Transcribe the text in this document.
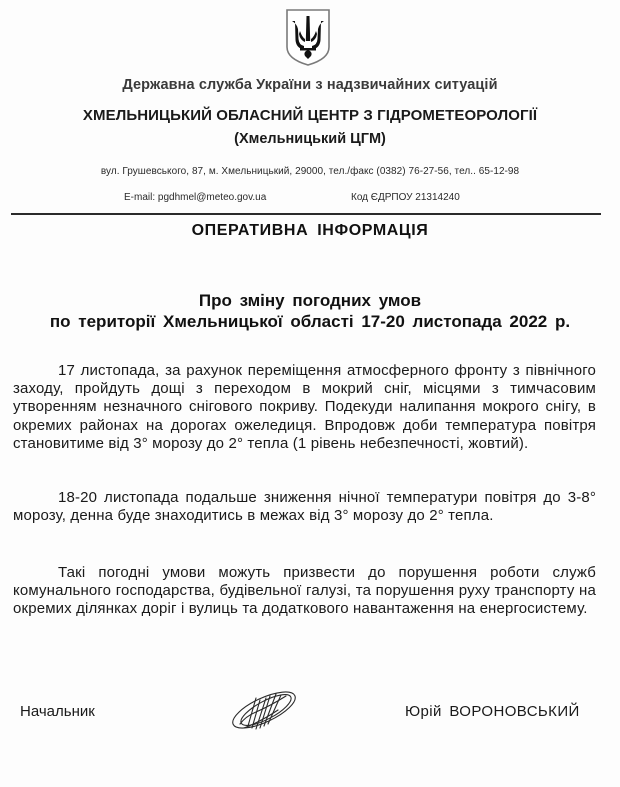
Державна служба України з надзвичайних ситуацій
ХМЕЛЬНИЦЬКИЙ ОБЛАСНИЙ ЦЕНТР З ГІДРОМЕТЕОРОЛОГІЇ
(Хмельницький ЦГМ)
вул. Грушевського, 87, м. Хмельницький, 29000, тел./факс (0382) 76-27-56, тел.. 65-12-98
E-mail: pgdhmel@meteo.gov.ua	Код ЄДРПОУ 21314240
ОПЕРАТИВНА ІНФОРМАЦІЯ
Про зміну погодних умов
по території Хмельницької області 17-20 листопада 2022 р.

17 листопада, за рахунок переміщення атмосферного фронту з північного заходу, пройдуть дощі з переходом в мокрий сніг, місцями з тимчасовим утворенням незначного снігового покриву. Подекуди налипання мокрого снігу, в окремих районах на дорогах ожеледиця. Впродовж доби температура повітря становитиме від 3° морозу до 2° тепла (1 рівень небезпечності, жовтий).

18-20 листопада подальше зниження нічної температури повітря до 3-8° морозу, денна буде знаходитись в межах від 3° морозу до 2° тепла.

Такі погодні умови можуть призвести до порушення роботи служб комунального господарства, будівельної галузі, та порушення руху транспорту на окремих ділянках доріг і вулиць та додаткового навантаження на енергосистему.

Начальник	Юрій ВОРОНОВСЬКИЙ
